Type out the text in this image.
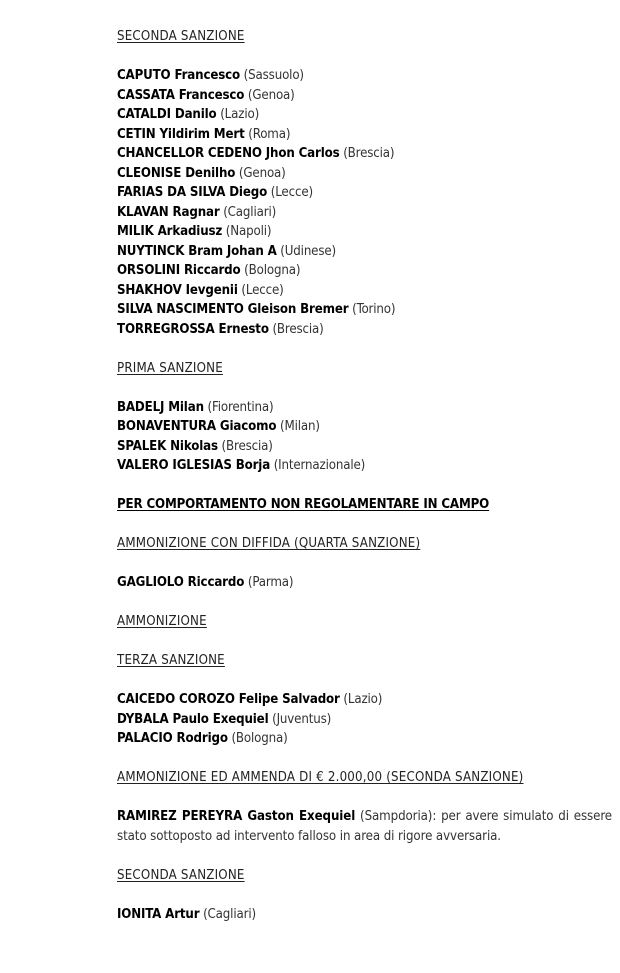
SECONDA SANZIONE
CAPUTO Francesco (Sassuolo)
CASSATA Francesco (Genoa)
CATALDI Danilo (Lazio)
CETIN Yildirim Mert (Roma)
CHANCELLOR CEDENO Jhon Carlos (Brescia)
CLEONISE Denilho (Genoa)
FARIAS DA SILVA Diego (Lecce)
KLAVAN Ragnar (Cagliari)
MILIK Arkadiusz (Napoli)
NUYTINCK Bram Johan A (Udinese)
ORSOLINI Riccardo (Bologna)
SHAKHOV Ievgenii (Lecce)
SILVA NASCIMENTO Gleison Bremer (Torino)
TORREGROSSA Ernesto (Brescia)
PRIMA SANZIONE
BADELJ Milan (Fiorentina)
BONAVENTURA Giacomo (Milan)
SPALEK Nikolas (Brescia)
VALERO IGLESIAS Borja (Internazionale)
PER COMPORTAMENTO NON REGOLAMENTARE IN CAMPO
AMMONIZIONE CON DIFFIDA (QUARTA SANZIONE)
GAGLIOLO Riccardo (Parma)
AMMONIZIONE
TERZA SANZIONE
CAICEDO COROZO Felipe Salvador (Lazio)
DYBALA Paulo Exequiel (Juventus)
PALACIO Rodrigo (Bologna)
AMMONIZIONE ED AMMENDA DI € 2.000,00 (SECONDA SANZIONE)
RAMIREZ PEREYRA Gaston Exequiel (Sampdoria): per avere simulato di essere stato sottoposto ad intervento falloso in area di rigore avversaria.
SECONDA SANZIONE
IONITA Artur (Cagliari)
